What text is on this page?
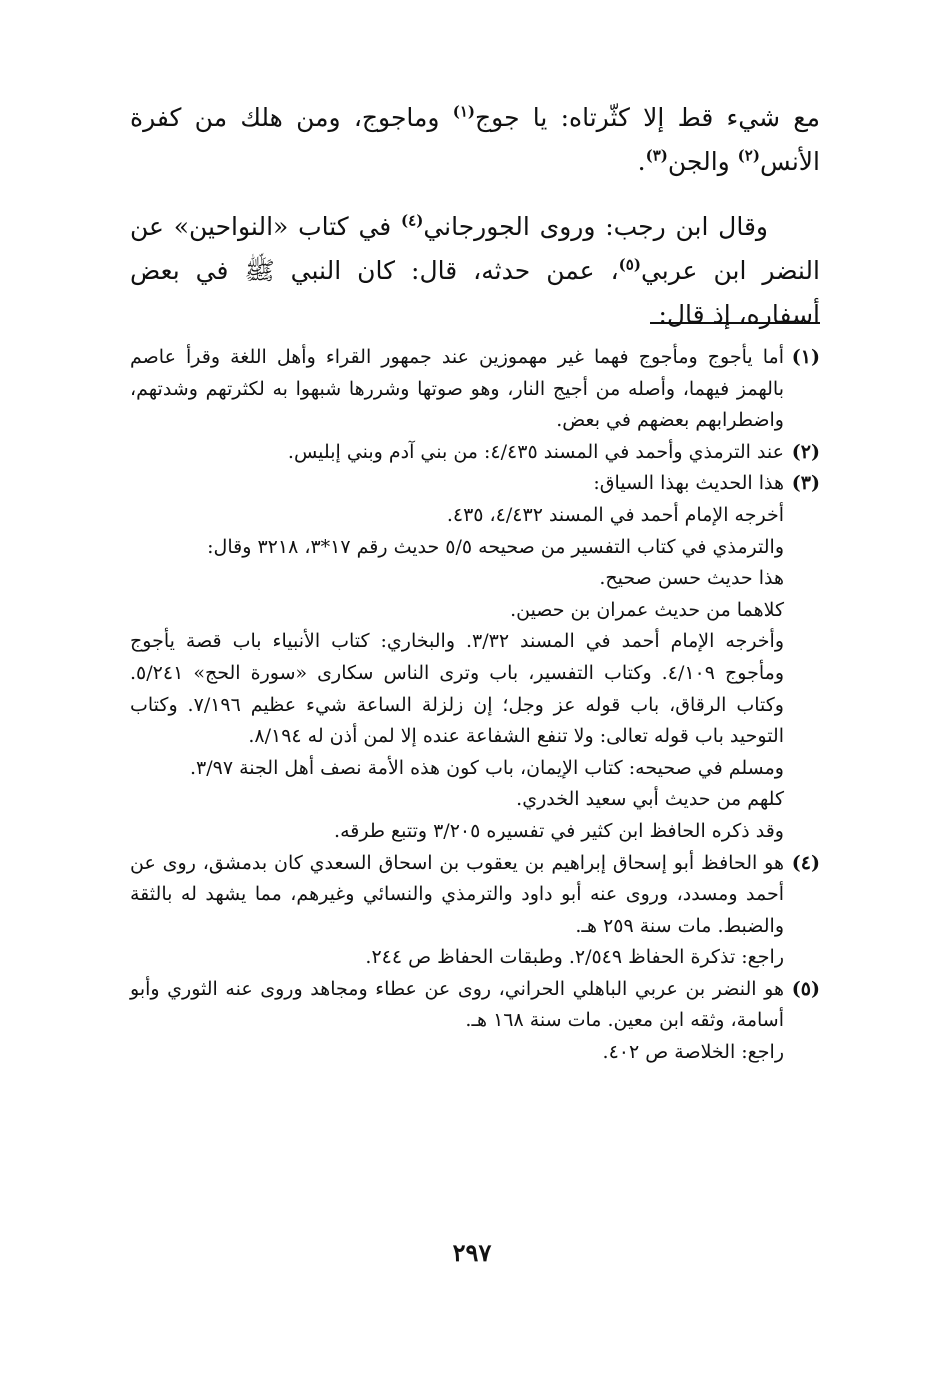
مع شيء قط إلا كثّرتاه: يا جوج$^{(١)}$ وماجوج، ومن هلك من كفرة الأنس$^{(٢)}$ والجن$^{(٣)}$.

وقال ابن رجب: وروى الجورجاني$^{(٤)}$ في كتاب «النواحين» عن النضر ابن عربي$^{(٥)}$، عمن حدثه، قال: كان النبي ﷺ في بعض أسفاره، إذ قال:

(١)
أما يأجوج ومأجوج فهما غير مهموزين عند جمهور القراء وأهل اللغة وقرأ عاصم بالهمز فيهما، وأصله من أجيج النار، وهو صوتها وشررها شبهوا به لكثرتهم وشدتهم، واضطرابهم بعضهم في بعض.
(٢)
عند الترمذي وأحمد في المسند ٤/٤٣٥: من بني آدم وبني إبليس.
(٣)
هذا الحديث بهذا السياق:
أخرجه الإمام أحمد في المسند ٤/٤٣٢، ٤٣٥.
والترمذي في كتاب التفسير من صحيحه ٥/٥ حديث رقم ١٧*٣، ٣٢١٨ وقال:
هذا حديث حسن صحيح.
كلاهما من حديث عمران بن حصين.
وأخرجه الإمام أحمد في المسند ٣/٣٢. والبخاري: كتاب الأنبياء باب قصة يأجوج ومأجوج ٤/١٠٩. وكتاب التفسير، باب وترى الناس سكارى «سورة الحج» ٥/٢٤١. وكتاب الرقاق، باب قوله عز وجل؛ إن زلزلة الساعة شيء عظيم ٧/١٩٦. وكتاب التوحيد باب قوله تعالى: ولا تنفع الشفاعة عنده إلا لمن أذن له ٨/١٩٤.
ومسلم في صحيحه: كتاب الإيمان، باب كون هذه الأمة نصف أهل الجنة ٣/٩٧.
كلهم من حديث أبي سعيد الخدري.
وقد ذكره الحافظ ابن كثير في تفسيره ٣/٢٠٥ وتتبع طرقه.
(٤)
هو الحافظ أبو إسحاق إبراهيم بن يعقوب بن اسحاق السعدي كان بدمشق، روى عن أحمد ومسدد، وروى عنه أبو داود والترمذي والنسائي وغيرهم، مما يشهد له بالثقة والضبط. مات سنة ٢٥٩ هـ.
راجع: تذكرة الحفاظ ٢/٥٤٩. وطبقات الحفاظ ص ٢٤٤.
(٥)
هو النضر بن عربي الباهلي الحراني، روى عن عطاء ومجاهد وروى عنه الثوري وأبو أسامة، وثقه ابن معين. مات سنة ١٦٨ هـ.
راجع: الخلاصة ص ٤٠٢.
٢٩٧
